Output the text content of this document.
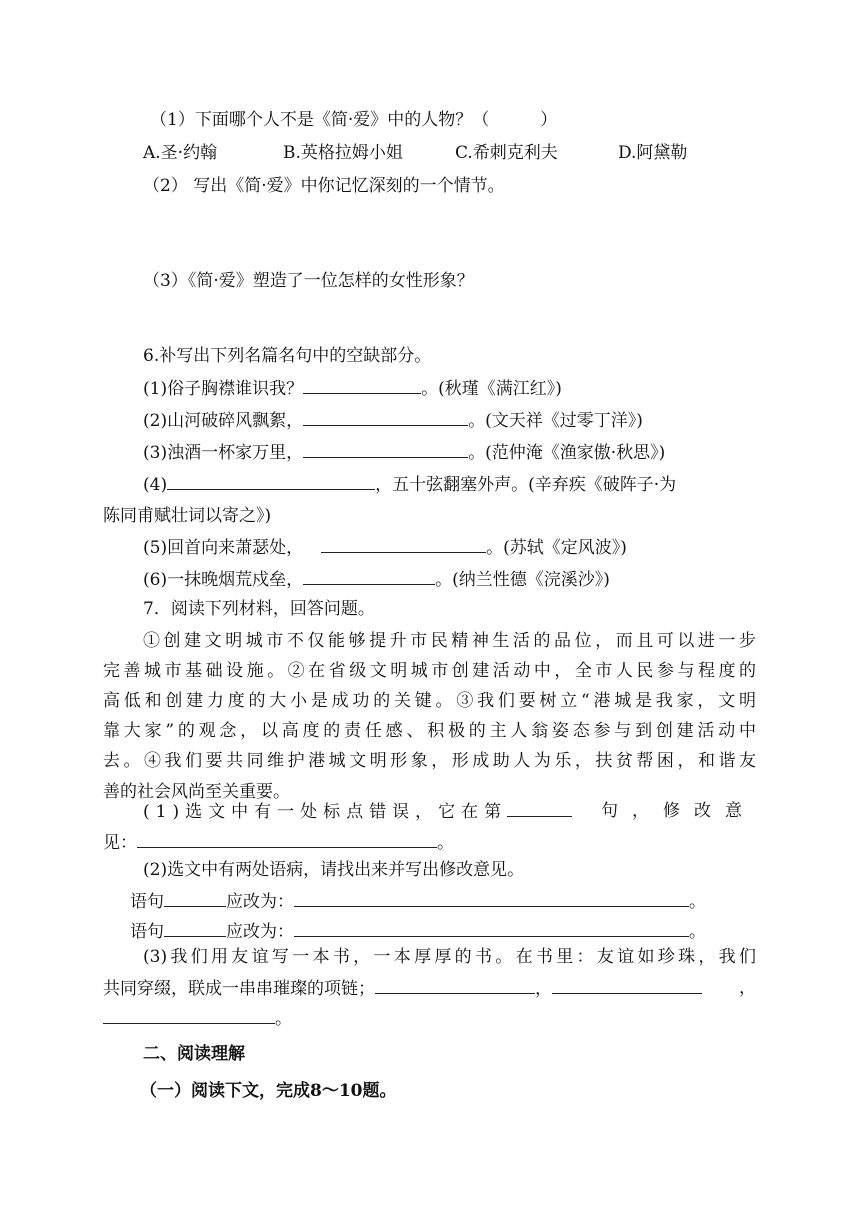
（1）下面哪个人不是《简·爱》中的人物？（　　　）
A.圣·约翰	B.英格拉姆小姐	C.希刺克利夫	D.阿黛勒
（2） 写出《简·爱》中你记忆深刻的一个情节。
（3）《简·爱》塑造了一位怎样的女性形象？
6.补写出下列名篇名句中的空缺部分。
(1)俗子胸襟谁识我？	。(秋瑾《满江红》)
(2)山河破碎风飘絮，	。(文天祥《过零丁洋》)
(3)浊酒一杯家万里，	。(范仲淹《渔家傲·秋思》)
(4)	，五十弦翻塞外声。(辛弃疾《破阵子·为
陈同甫赋壮词以寄之》)
(5)回首向来萧瑟处，	。(苏轼《定风波》)
(6)一抹晚烟荒戍垒，	。(纳兰性德《浣溪沙》)
7．阅读下列材料，回答问题。
①创建文明城市不仅能够提升市民精神生活的品位，而且可以进一步
完善城市基础设施。②在省级文明城市创建活动中，全市人民参与程度的
高低和创建力度的大小是成功的关键。③我们要树立“港城是我家，文明
靠大家”的观念，以高度的责任感、积极的主人翁姿态参与到创建活动中
去。④我们要共同维护港城文明形象，形成助人为乐，扶贫帮困，和谐友
善的社会风尚至关重要。
(1)选文中有一处标点错误，它在第	句，修改意
见：	。
(2)选文中有两处语病，请找出来并写出修改意见。
语句	应改为：	。
语句	应改为：	。
(3)我们用友谊写一本书，一本厚厚的书。在书里：友谊如珍珠，我们
共同穿缀，联成一串串璀璨的项链；	，	，
。
二、阅读理解
（一）阅读下文，完成8～10题。
